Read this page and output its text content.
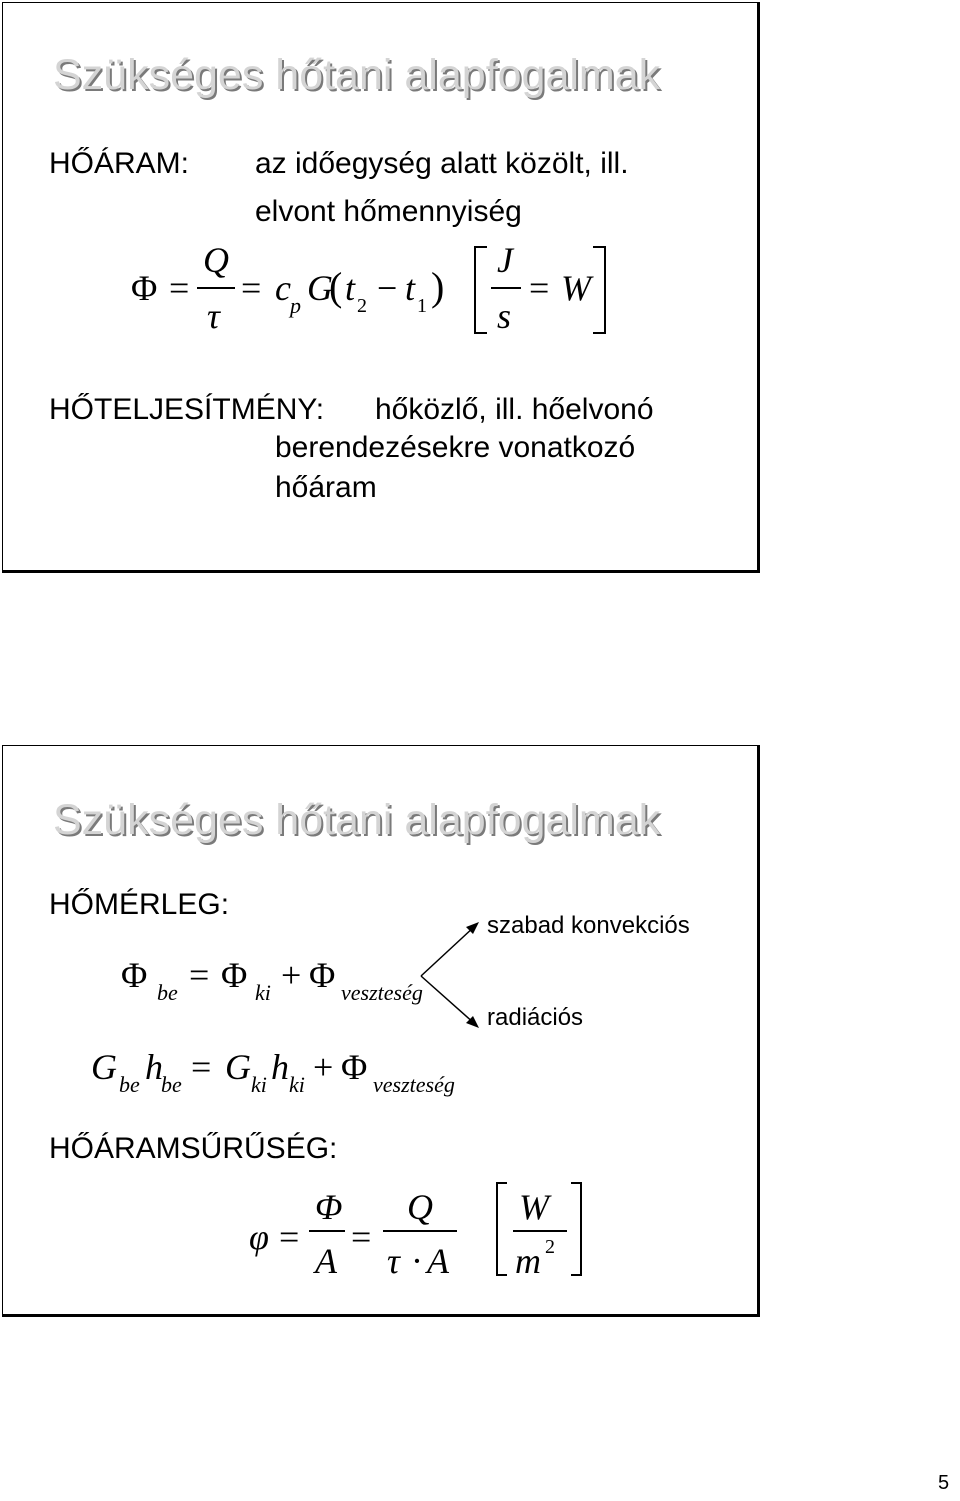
Szükséges hőtani alapfogalmak
HŐÁRAM: az időegység alatt közölt, ill.
elvont hőmennyiség
Φ =
Q
τ
= c p G
( t 2 − t 1 )
J
s
= W
HŐTELJESÍTMÉNY: hőközlő, ill. hőelvonó
berendezésekre vonatkozó
hőáram
Szükséges hőtani alapfogalmak
HŐMÉRLEG:
Φ be = Φ ki + Φ veszteség
szabad konvekciós
radiációs
G be h
be = G ki h ki + Φ veszteség
HŐÁRAMSŰRŰSÉG:
φ =
Φ
A
=
Q
τ · A
W
m 2
5
